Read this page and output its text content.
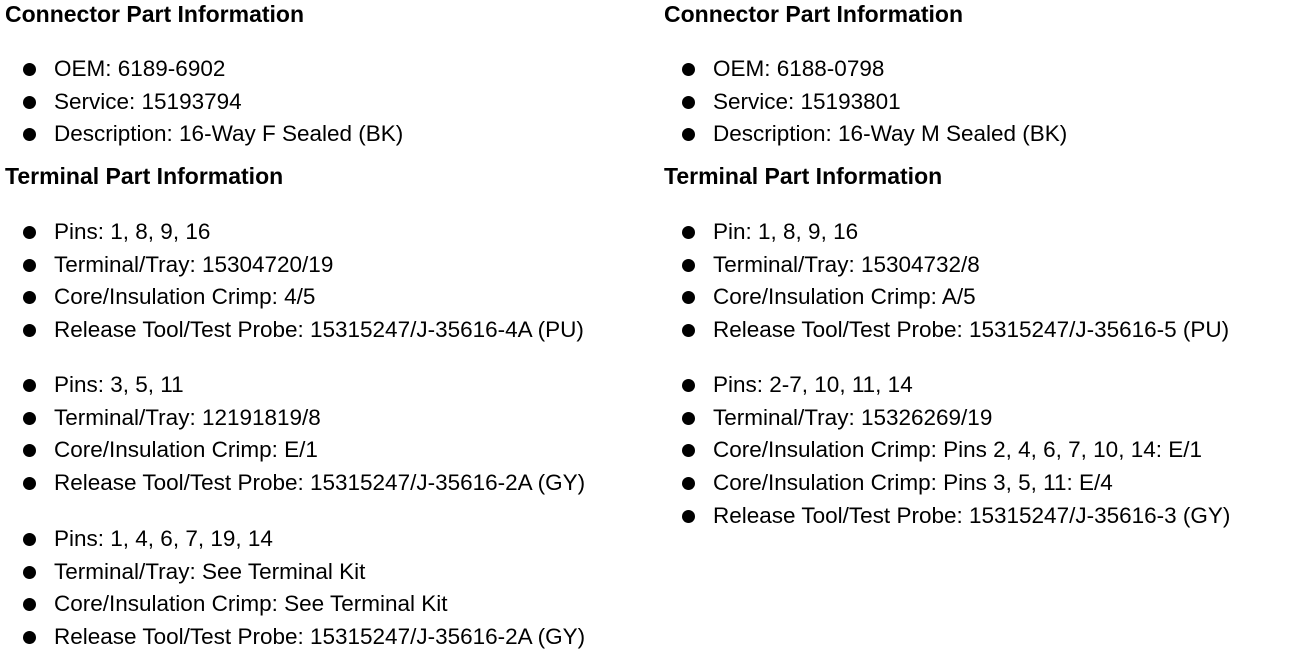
Connector Part Information
OEM: 6189-6902
Service: 15193794
Description: 16-Way F Sealed (BK)
Terminal Part Information
Pins: 1, 8, 9, 16
Terminal/Tray: 15304720/19
Core/Insulation Crimp: 4/5
Release Tool/Test Probe: 15315247/J-35616-4A (PU)
Pins: 3, 5, 11
Terminal/Tray: 12191819/8
Core/Insulation Crimp: E/1
Release Tool/Test Probe: 15315247/J-35616-2A (GY)
Pins: 1, 4, 6, 7, 19, 14
Terminal/Tray: See Terminal Kit
Core/Insulation Crimp: See Terminal Kit
Release Tool/Test Probe: 15315247/J-35616-2A (GY)
Connector Part Information
OEM: 6188-0798
Service: 15193801
Description: 16-Way M Sealed (BK)
Terminal Part Information
Pin: 1, 8, 9, 16
Terminal/Tray: 15304732/8
Core/Insulation Crimp: A/5
Release Tool/Test Probe: 15315247/J-35616-5 (PU)
Pins: 2-7, 10, 11, 14
Terminal/Tray: 15326269/19
Core/Insulation Crimp: Pins 2, 4, 6, 7, 10, 14: E/1
Core/Insulation Crimp: Pins 3, 5, 11: E/4
Release Tool/Test Probe: 15315247/J-35616-3 (GY)
